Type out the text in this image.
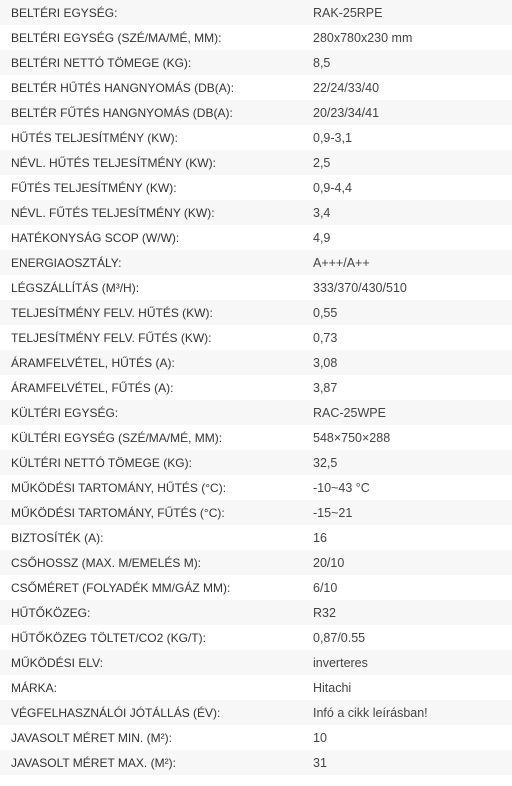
BELTÉRI EGYSÉG:	RAK-25RPE
BELTÉRI EGYSÉG (SZÉ/MA/MÉ, MM):	280x780x230 mm
BELTÉRI NETTÓ TÖMEGE (KG):	8,5
BELTÉR HŰTÉS HANGNYOMÁS (DB(A):	22/24/33/40
BELTÉR FŰTÉS HANGNYOMÁS (DB(A):	20/23/34/41
HŰTÉS TELJESÍTMÉNY (KW):	0,9-3,1
NÉVL. HŰTÉS TELJESÍTMÉNY (KW):	2,5
FŰTÉS TELJESÍTMÉNY (KW):	0,9-4,4
NÉVL. FŰTÉS TELJESÍTMÉNY (KW):	3,4
HATÉKONYSÁG SCOP (W/W):	4,9
ENERGIAOSZTÁLY:	A+++/A++
LÉGSZÁLLÍTÁS (M³/H):	333/370/430/510
TELJESÍTMÉNY FELV. HŰTÉS (KW):	0,55
TELJESÍTMÉNY FELV. FŰTÉS (KW):	0,73
ÁRAMFELVÉTEL, HŰTÉS (A):	3,08
ÁRAMFELVÉTEL, FŰTÉS (A):	3,87
KÜLTÉRI EGYSÉG:	RAC-25WPE
KÜLTÉRI EGYSÉG (SZÉ/MA/MÉ, MM):	548×750×288
KÜLTÉRI NETTÓ TÖMEGE (KG):	32,5
MŰKÖDÉSI TARTOMÁNY, HŰTÉS (°C):	-10~43 °C
MŰKÖDÉSI TARTOMÁNY, FŰTÉS (°C):	-15~21
BIZTOSÍTÉK (A):	16
CSŐHOSSZ (MAX. M/EMELÉS M):	20/10
CSŐMÉRET (FOLYADÉK MM/GÁZ MM):	6/10
HŰTŐKÖZEG:	R32
HŰTŐKÖZEG TÖLTET/CO2 (KG/T):	0,87/0.55
MŰKÖDÉSI ELV:	inverteres
MÁRKA:	Hitachi
VÉGFELHASZNÁLÓI JÓTÁLLÁS (ÉV):	Infó a cikk leírásban!
JAVASOLT MÉRET MIN. (M²):	10
JAVASOLT MÉRET MAX. (M²):	31
